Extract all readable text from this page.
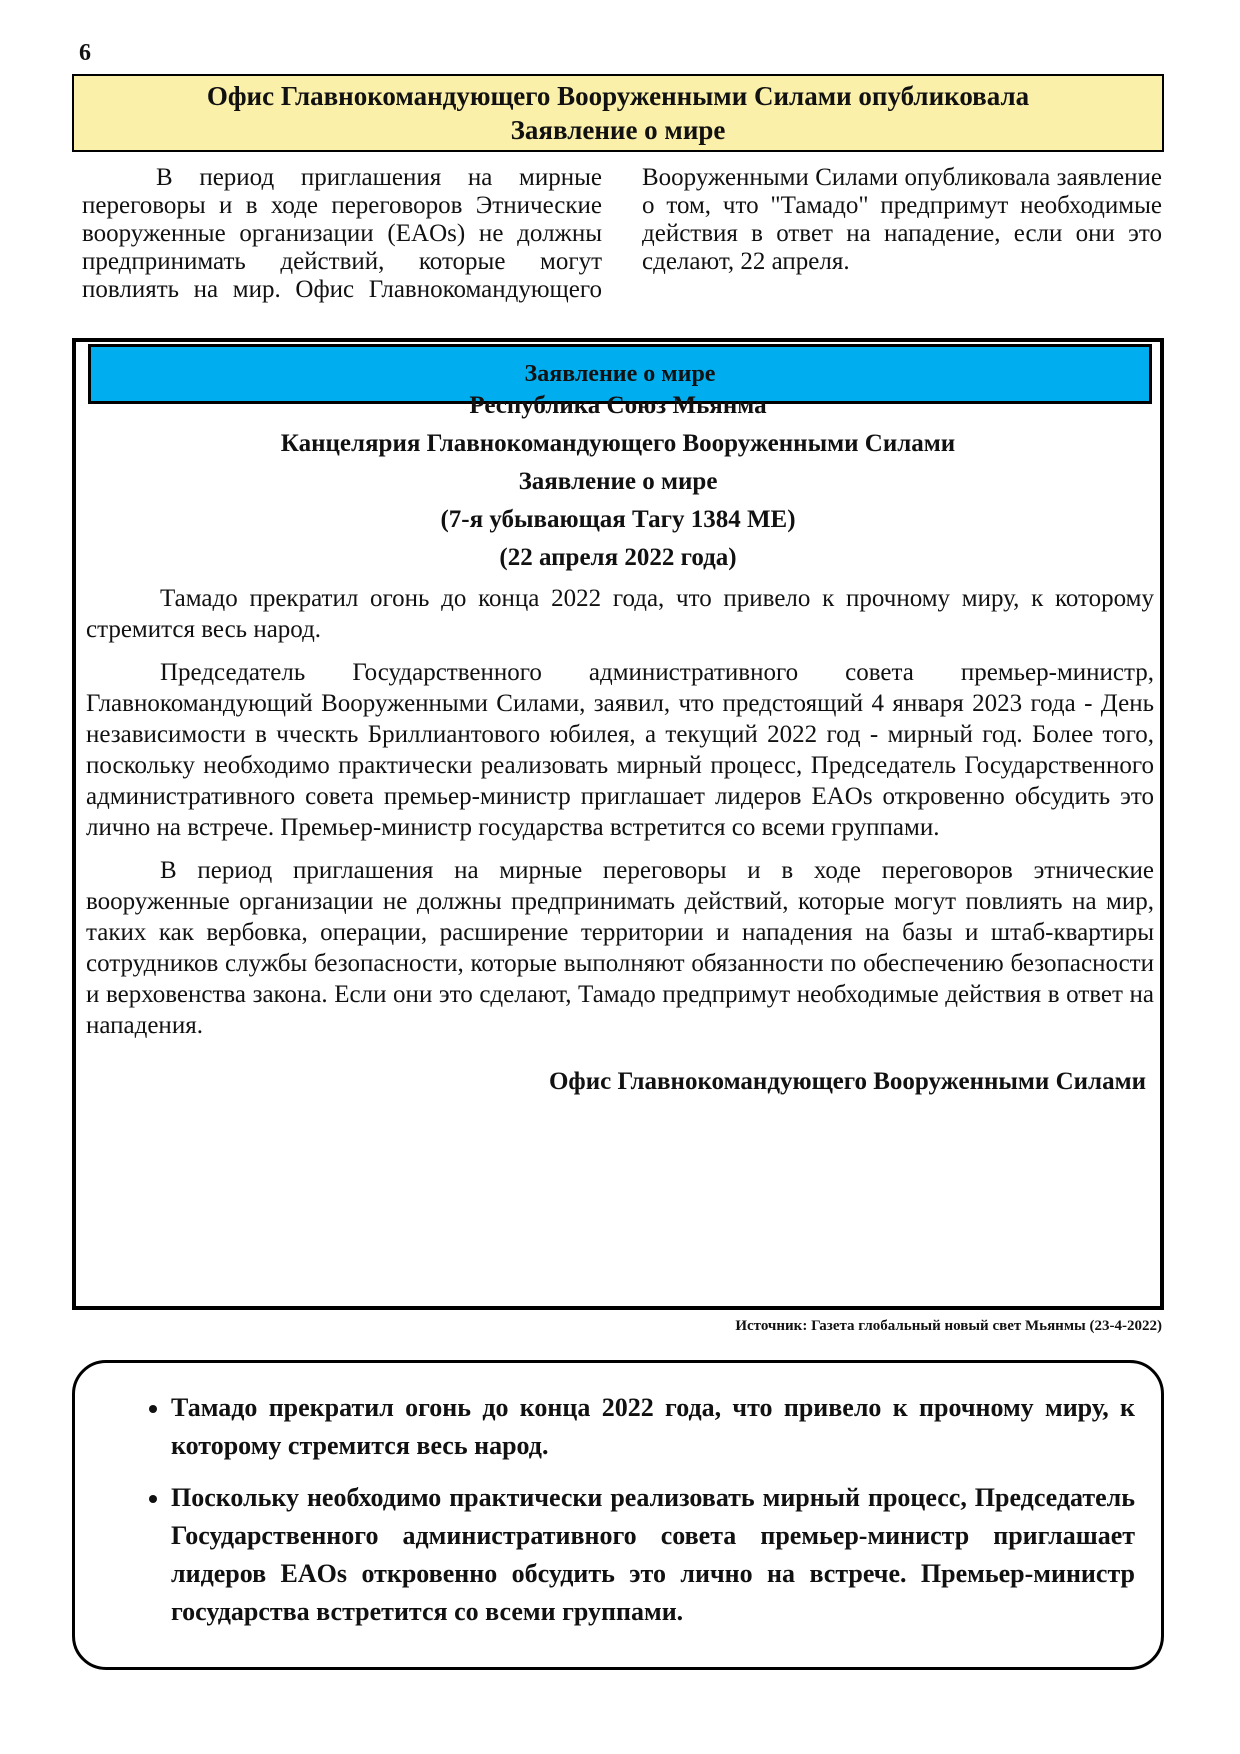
6
Офис Главнокомандующего Вооруженными Силами опубликовала
Заявление о мире

В период приглашения на мирные переговоры и в ходе переговоров Этнические вооруженные организации (EAOs) не должны предпринимать действий, которые могут повлиять на мир. Офис Главнокомандующего Вооруженными Силами опубликовала заявление о том, что "Тамадо" предпримут необходимые действия в ответ на нападение, если они это сделают, 22 апреля.

Заявление о мире
Республика Союз Мьянма
Канцелярия Главнокомандующего Вооруженными Силами
Заявление о мире
(7-я убывающая Тагу 1384 МЕ)
(22 апреля 2022 года)

Тамадо прекратил огонь до конца 2022 года, что привело к прочному миру, к которому стремится весь народ.

Председатель Государственного административного совета премьер-министр, Главнокомандующий Вооруженными Силами, заявил, что предстоящий 4 января 2023 года - День независимости в чческть Бриллиантового юбилея, а текущий 2022 год - мирный год. Более того, поскольку необходимо практически реализовать мирный процесс, Председатель Государственного административного совета премьер-министр приглашает лидеров EAOs откровенно обсудить это лично на встрече. Премьер-министр государства встретится со всеми группами.

В период приглашения на мирные переговоры и в ходе переговоров этнические вооруженные организации не должны предпринимать действий, которые могут повлиять на мир, таких как вербовка, операции, расширение территории и нападения на базы и штаб-квартиры сотрудников службы безопасности, которые выполняют обязанности по обеспечению безопасности и верховенства закона. Если они это сделают, Тамадо предпримут необходимые действия в ответ на нападения.

Офис Главнокомандующего Вооруженными Силами
Источник: Газета глобальный новый свет Мьянмы (23-4-2022)
• Тамадо прекратил огонь до конца 2022 года, что привело к прочному миру, к которому стремится весь народ.
• Поскольку необходимо практически реализовать мирный процесс, Председатель Государственного административного совета премьер-министр приглашает лидеров EAOs откровенно обсудить это лично на встрече. Премьер-министр государства встретится со всеми группами.
